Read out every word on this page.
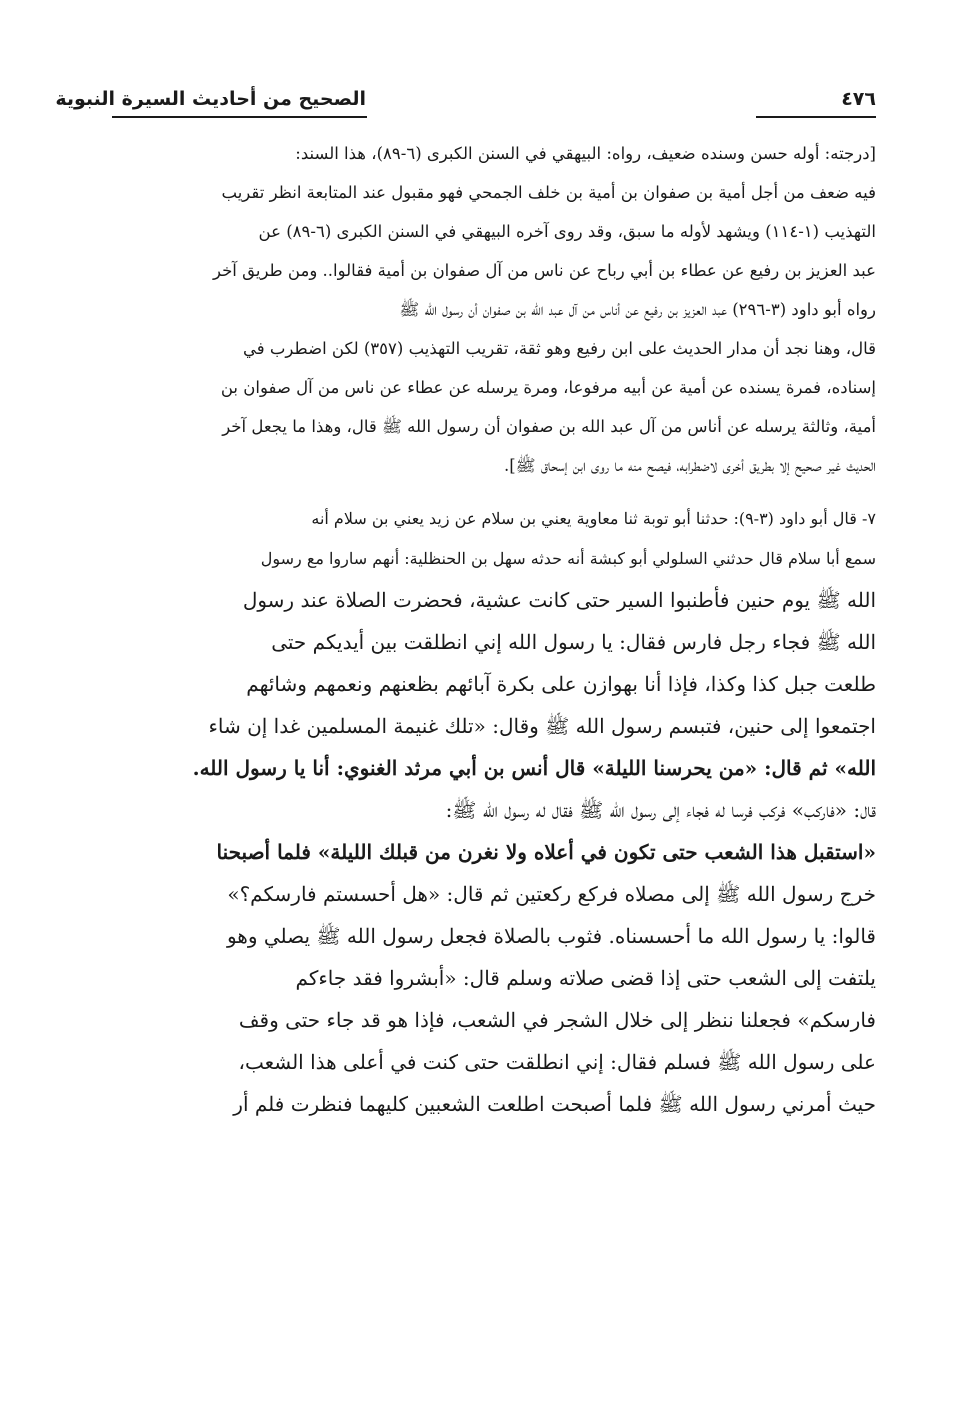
الصحيح من أحاديث السيرة النبوية	٤٧٦
[درجته: أوله حسن وسنده ضعيف، رواه: البيهقي في السنن الكبرى (٦-٨٩)، هذا السند:
فيه ضعف من أجل أمية بن صفوان بن أمية بن خلف الجمحي فهو مقبول عند المتابعة انظر تقريب
التهذيب (١-١١٤) ويشهد لأوله ما سبق، وقد روى آخره البيهقي في السنن الكبرى (٦-٨٩) عن
عبد العزيز بن رفيع عن عطاء بن أبي رباح عن ناس من آل صفوان بن أمية فقالوا.. ومن طريق آخر
رواه أبو داود (٣-٢٩٦) عبد العزيز بن رفيع عن أناس من آل عبد الله بن صفوان أن رسول الله ﷺ
قال، وهنا نجد أن مدار الحديث على ابن رفيع وهو ثقة، تقريب التهذيب (٣٥٧) لكن اضطرب في
إسناده، فمرة يسنده عن أمية عن أبيه مرفوعا، ومرة يرسله عن عطاء عن ناس من آل صفوان بن
أمية، وثالثة يرسله عن أناس من آل عبد الله بن صفوان أن رسول الله ﷺ قال، وهذا ما يجعل آخر
الحديث غير صحيح إلا بطريق أخرى لاضطرابه، فيصح منه ما روى ابن إسحاق ﷺ].
٧- قال أبو داود (٣-٩): حدثنا أبو توبة ثنا معاوية يعني بن سلام عن زيد يعني بن سلام أنه
سمع أبا سلام قال حدثني السلولي أبو كبشة أنه حدثه سهل بن الحنظلية: أنهم ساروا مع رسول
الله ﷺ يوم حنين فأطنبوا السير حتى كانت عشية، فحضرت الصلاة عند رسول
الله ﷺ فجاء رجل فارس فقال: يا رسول الله إني انطلقت بين أيديكم حتى
طلعت جبل كذا وكذا، فإذا أنا بهوازن على بكرة آبائهم بظعنهم ونعمهم وشائهم
اجتمعوا إلى حنين، فتبسم رسول الله ﷺ وقال: «تلك غنيمة المسلمين غدا إن شاء
الله» ثم قال: «من يحرسنا الليلة» قال أنس بن أبي مرثد الغنوي: أنا يا رسول الله.
قال: «فاركب» فركب فرسا له فجاء إلى رسول الله ﷺ فقال له رسول الله ﷺ:
«استقبل هذا الشعب حتى تكون في أعلاه ولا نغرن من قبلك الليلة» فلما أصبحنا
خرج رسول الله ﷺ إلى مصلاه فركع ركعتين ثم قال: «هل أحسستم فارسكم؟»
قالوا: يا رسول الله ما أحسسناه. فثوب بالصلاة فجعل رسول الله ﷺ يصلي وهو
يلتفت إلى الشعب حتى إذا قضى صلاته وسلم قال: «أبشروا فقد جاءكم
فارسكم» فجعلنا ننظر إلى خلال الشجر في الشعب، فإذا هو قد جاء حتى وقف
على رسول الله ﷺ فسلم فقال: إني انطلقت حتى كنت في أعلى هذا الشعب،
حيث أمرني رسول الله ﷺ فلما أصبحت اطلعت الشعبين كليهما فنظرت فلم أر
